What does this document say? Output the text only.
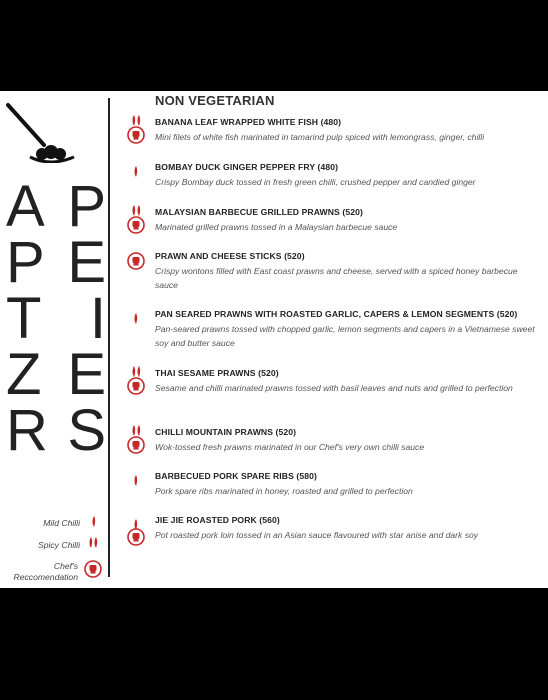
A P
P E
T I
Z E
R S
NON VEGETARIAN
BANANA LEAF WRAPPED WHITE FISH (480)
Mini filets of white fish marinated in tamarind pulp spiced with lemongrass, ginger, chilli
BOMBAY DUCK GINGER PEPPER FRY (480)
Crispy Bombay duck tossed in fresh green chilli, crushed pepper and candied ginger
MALAYSIAN BARBECUE GRILLED PRAWNS (520)
Marinated grilled prawns tossed in a Malaysian barbecue sauce
PRAWN AND CHEESE STICKS (520)
Crispy wontons filled with East coast prawns and cheese, served with a spiced honey barbecue sauce
PAN SEARED PRAWNS WITH ROASTED GARLIC, CAPERS & LEMON SEGMENTS (520)
Pan-seared prawns tossed with chopped garlic, lemon segments and capers in a Vietnamese sweet soy and butter sauce
THAI SESAME PRAWNS (520)
Sesame and chilli marinated prawns tossed with basil leaves and nuts and grilled to perfection
CHILLI MOUNTAIN PRAWNS (520)
Wok-tossed fresh prawns marinated in our Chef's very own chilli sauce
BARBECUED PORK SPARE RIBS (580)
Pork spare ribs marinated in honey, roasted and grilled to perfection
JIE JIE ROASTED PORK (560)
Pot roasted pork loin tossed in an Asian sauce flavoured with star anise and dark soy
Mild Chilli
Spicy Chilli
Chef's
Reccomendation
